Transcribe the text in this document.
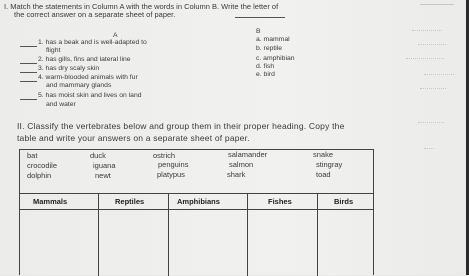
I. Match the statements in Column A with the words in Column B. Write the letter of
the correct answer on a separate sheet of paper.
A
B
1. has a beak and is well-adapted to
flight
2. has gills, fins and lateral line
3. has dry scaly skin
4. warm-blooded animals with fur
and mammary glands
5. has moist skin and lives on land
and water
a. mammal
b. reptile
c. amphibian
d. fish
e. bird
II. Classify the vertebrates below and group them in their proper heading. Copy the
table and write your answers on a separate sheet of paper.
bat	duck	ostrich	salamander	snake
crocodile	iguana	penguins	salmon	stingray
dolphin	newt	platypus	shark	toad
Mammals	Reptiles	Amphibians	Fishes	Birds
